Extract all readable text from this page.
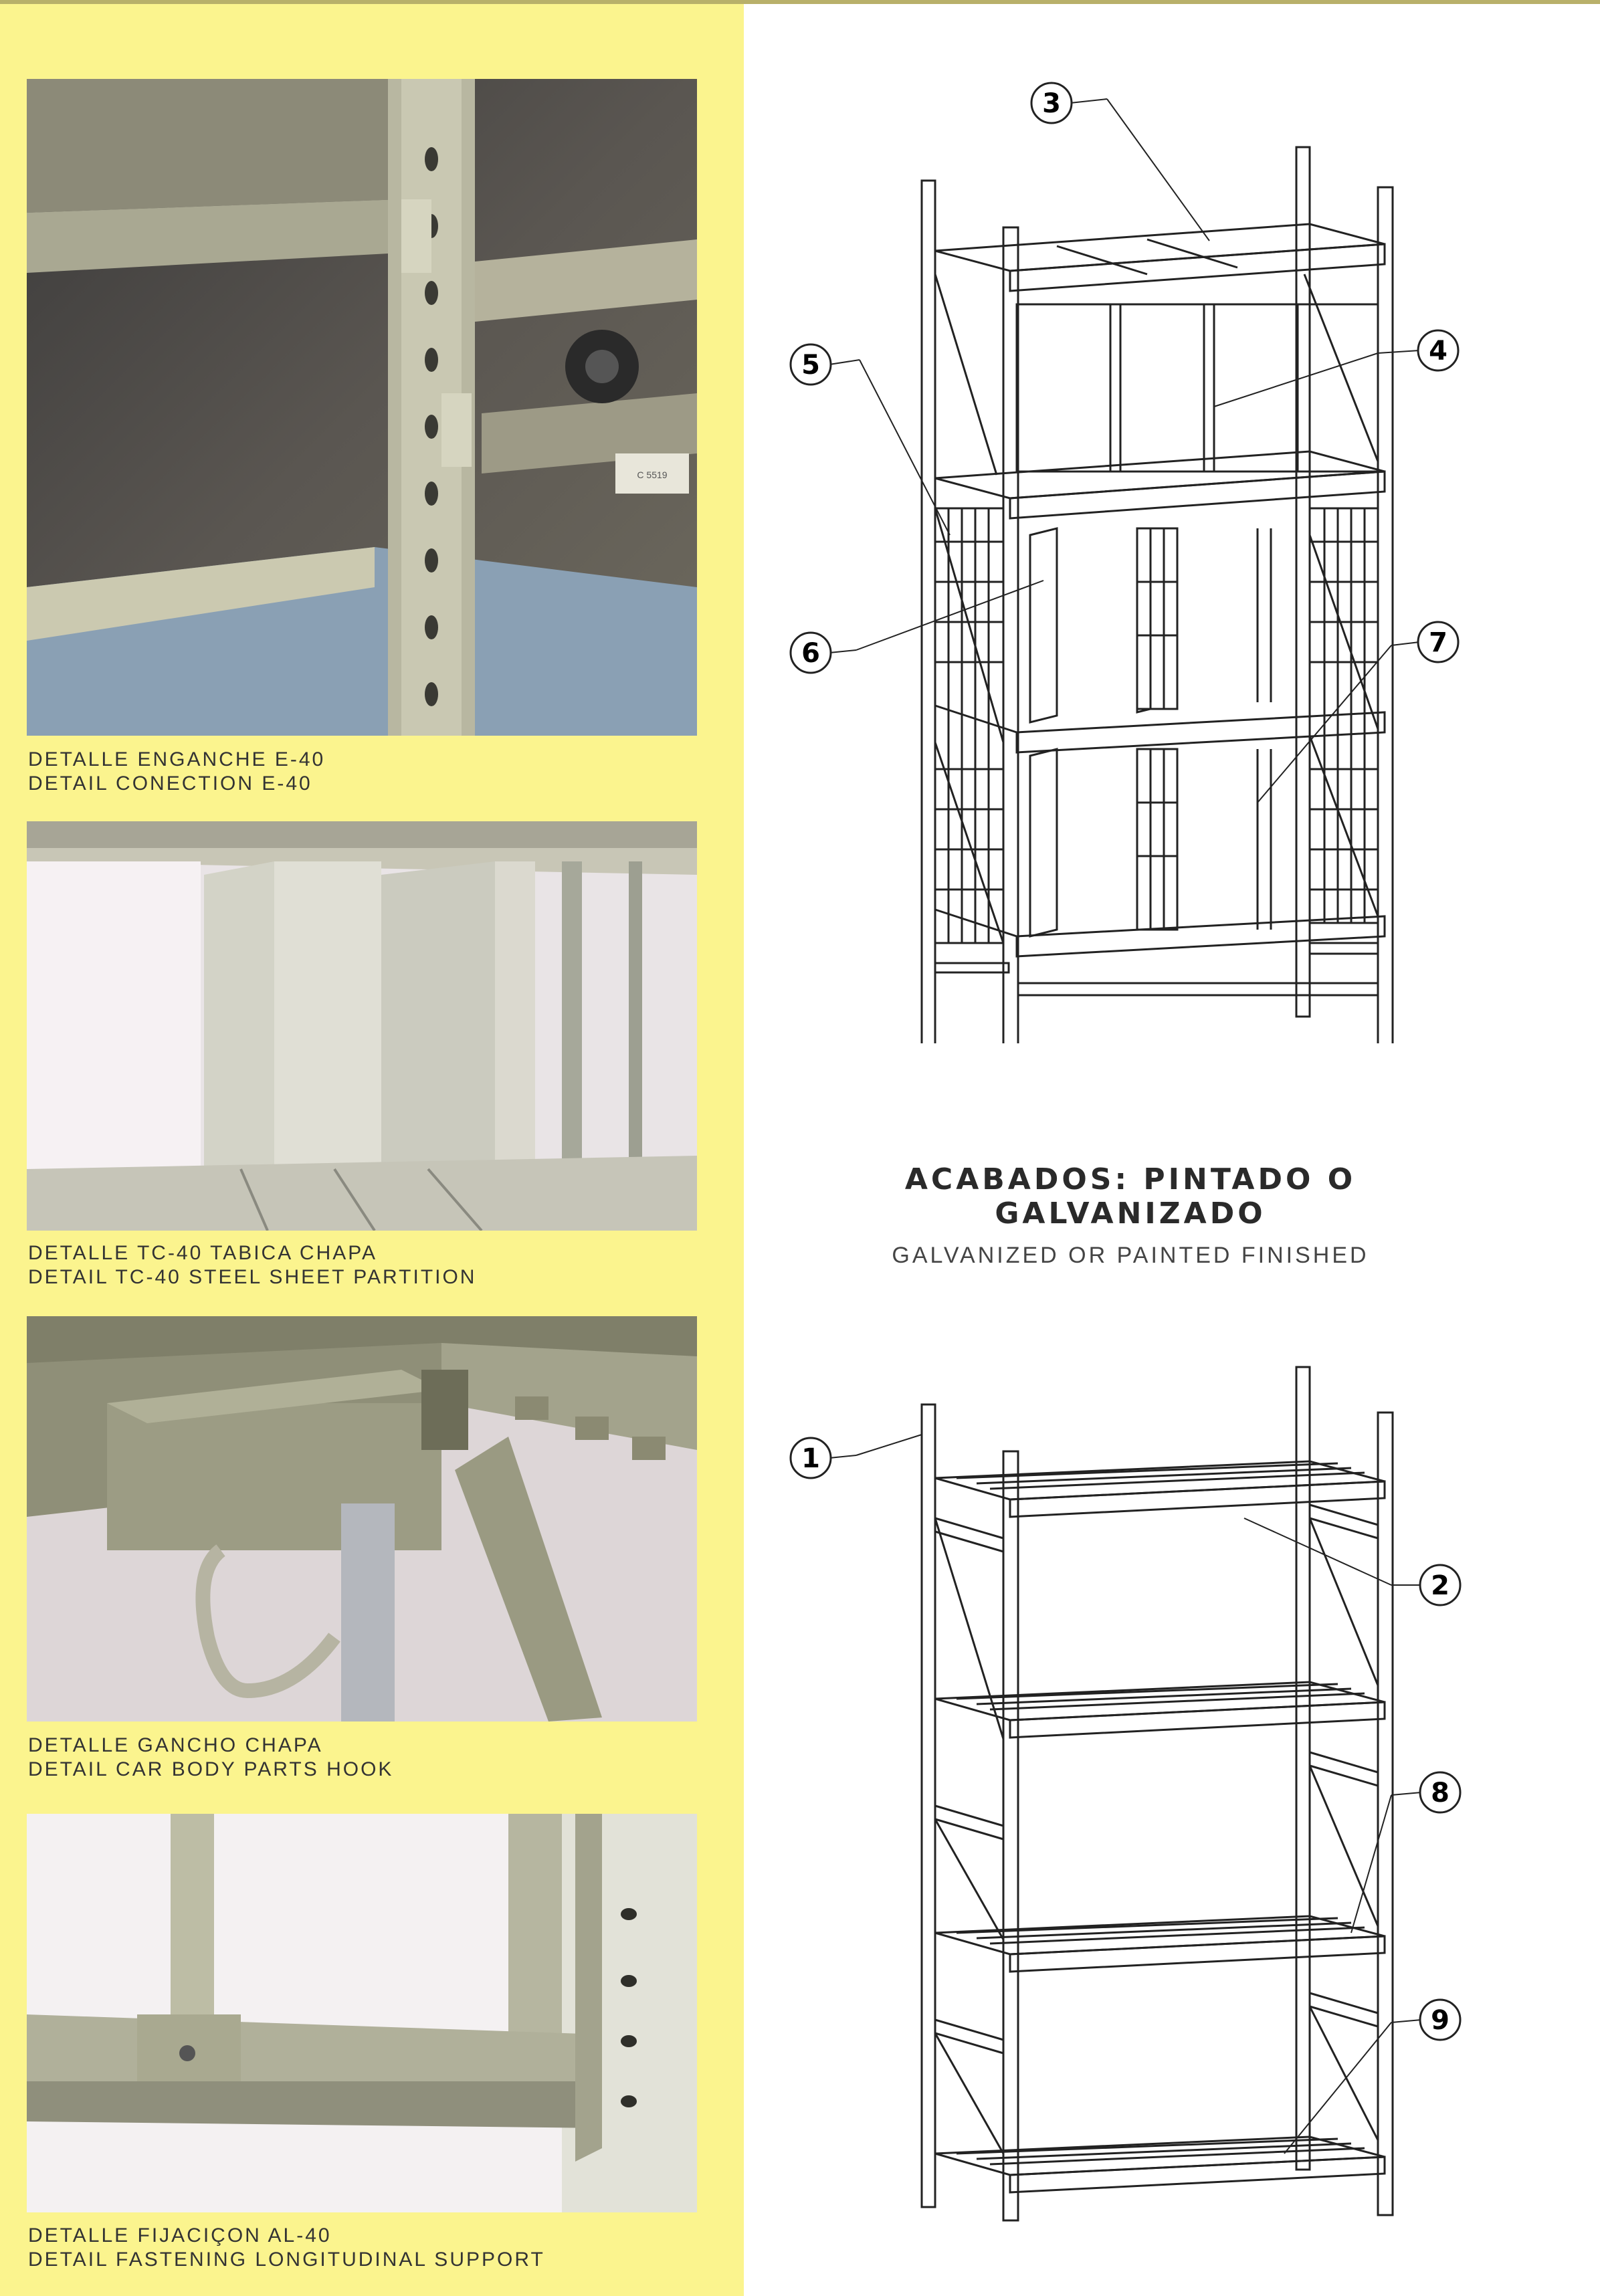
C 5519
DETALLE ENGANCHE E-40
DETAIL CONECTION E-40
DETALLE TC-40 TABICA CHAPA
DETAIL TC-40 STEEL SHEET PARTITION
DETALLE GANCHO CHAPA
DETAIL CAR BODY PARTS HOOK
DETALLE FIJACIÇON AL-40
DETAIL FASTENING LONGITUDINAL SUPPORT
3
4
5
6	7
ACABADOS: PINTADO O GALVANIZADO
GALVANIZED OR PAINTED FINISHED
1
2
8
9
